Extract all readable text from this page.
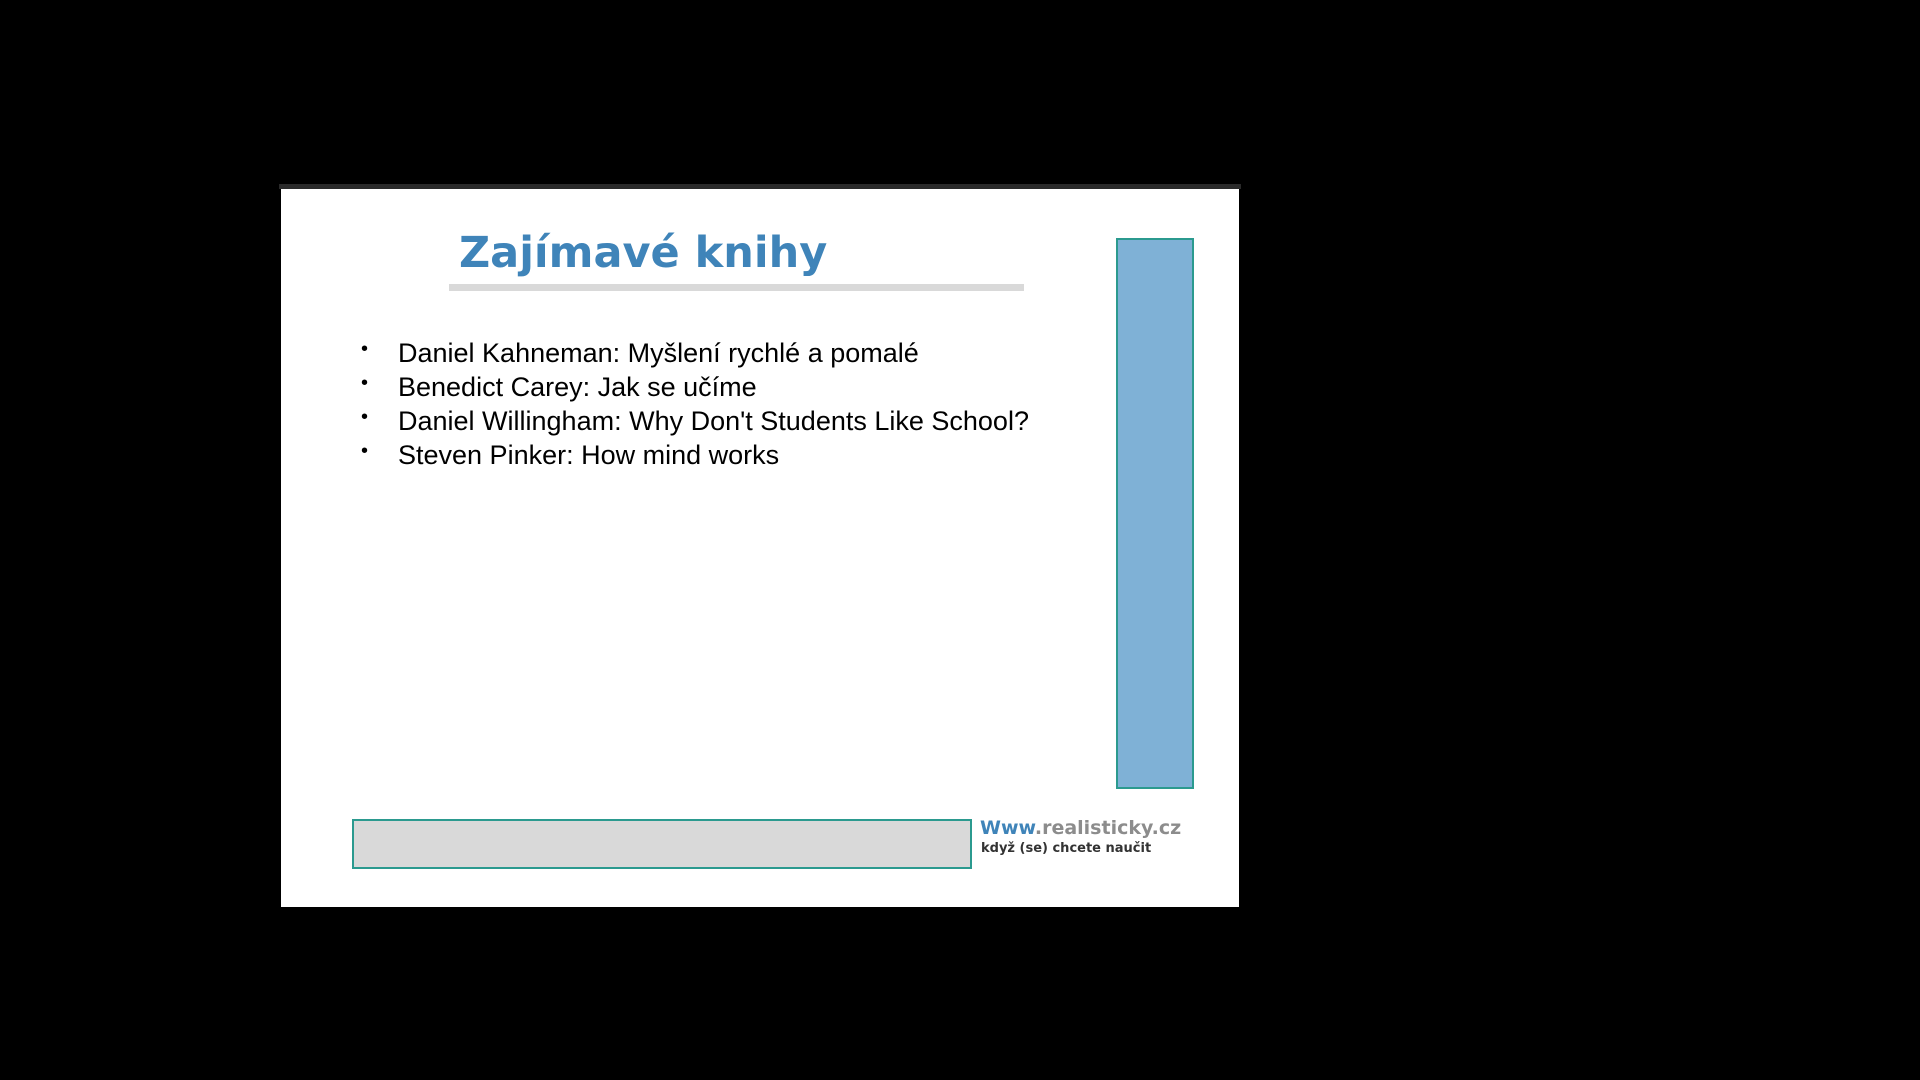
Zajímavé knihy
• Daniel Kahneman: Myšlení rychlé a pomalé
• Benedict Carey: Jak se učíme
• Daniel Willingham: Why Don't Students Like School?
• Steven Pinker: How mind works
Www.realisticky.cz
když (se) chcete naučit
